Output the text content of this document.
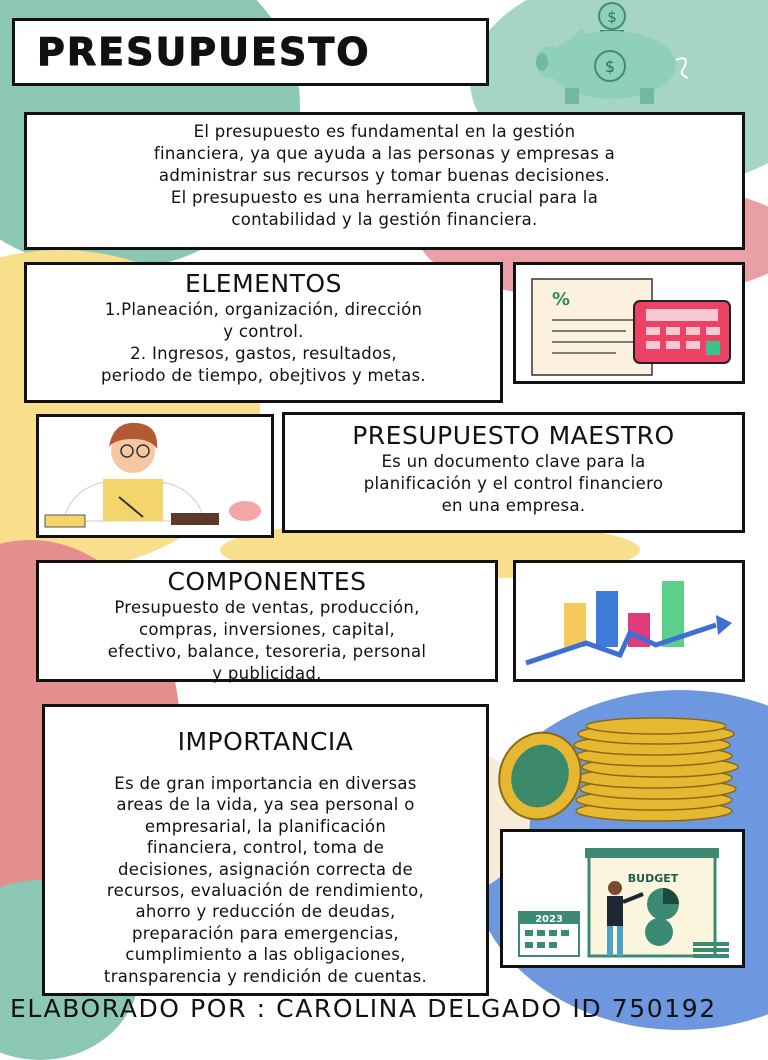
PRESUPUESTO
$
$
El presupuesto es fundamental en la gestión
financiera, ya que ayuda a las personas y empresas a
administrar sus recursos y tomar buenas decisiones.
El presupuesto es una herramienta crucial para la
contabilidad y la gestión financiera.
ELEMENTOS
1.Planeación, organización, dirección
y control.
2. Ingresos, gastos, resultados,
periodo de tiempo, obejtivos y metas.
%
PRESUPUESTO MAESTRO
Es un documento clave para la
planificación y el control financiero
en una empresa.
COMPONENTES
Presupuesto de ventas, producción,
compras, inversiones, capital,
efectivo, balance, tesoreria, personal
y publicidad.
IMPORTANCIA
Es de gran importancia en diversas
areas de la vida, ya sea personal o
empresarial, la planificación
financiera, control, toma de
decisiones, asignación correcta de
recursos, evaluación de rendimiento,
ahorro y reducción de deudas,
preparación para emergencias,
cumplimiento a las obligaciones,
transparencia y rendición de cuentas.
BUDGET
2023
ELABORADO POR : CAROLINA DELGADO ID 750192
